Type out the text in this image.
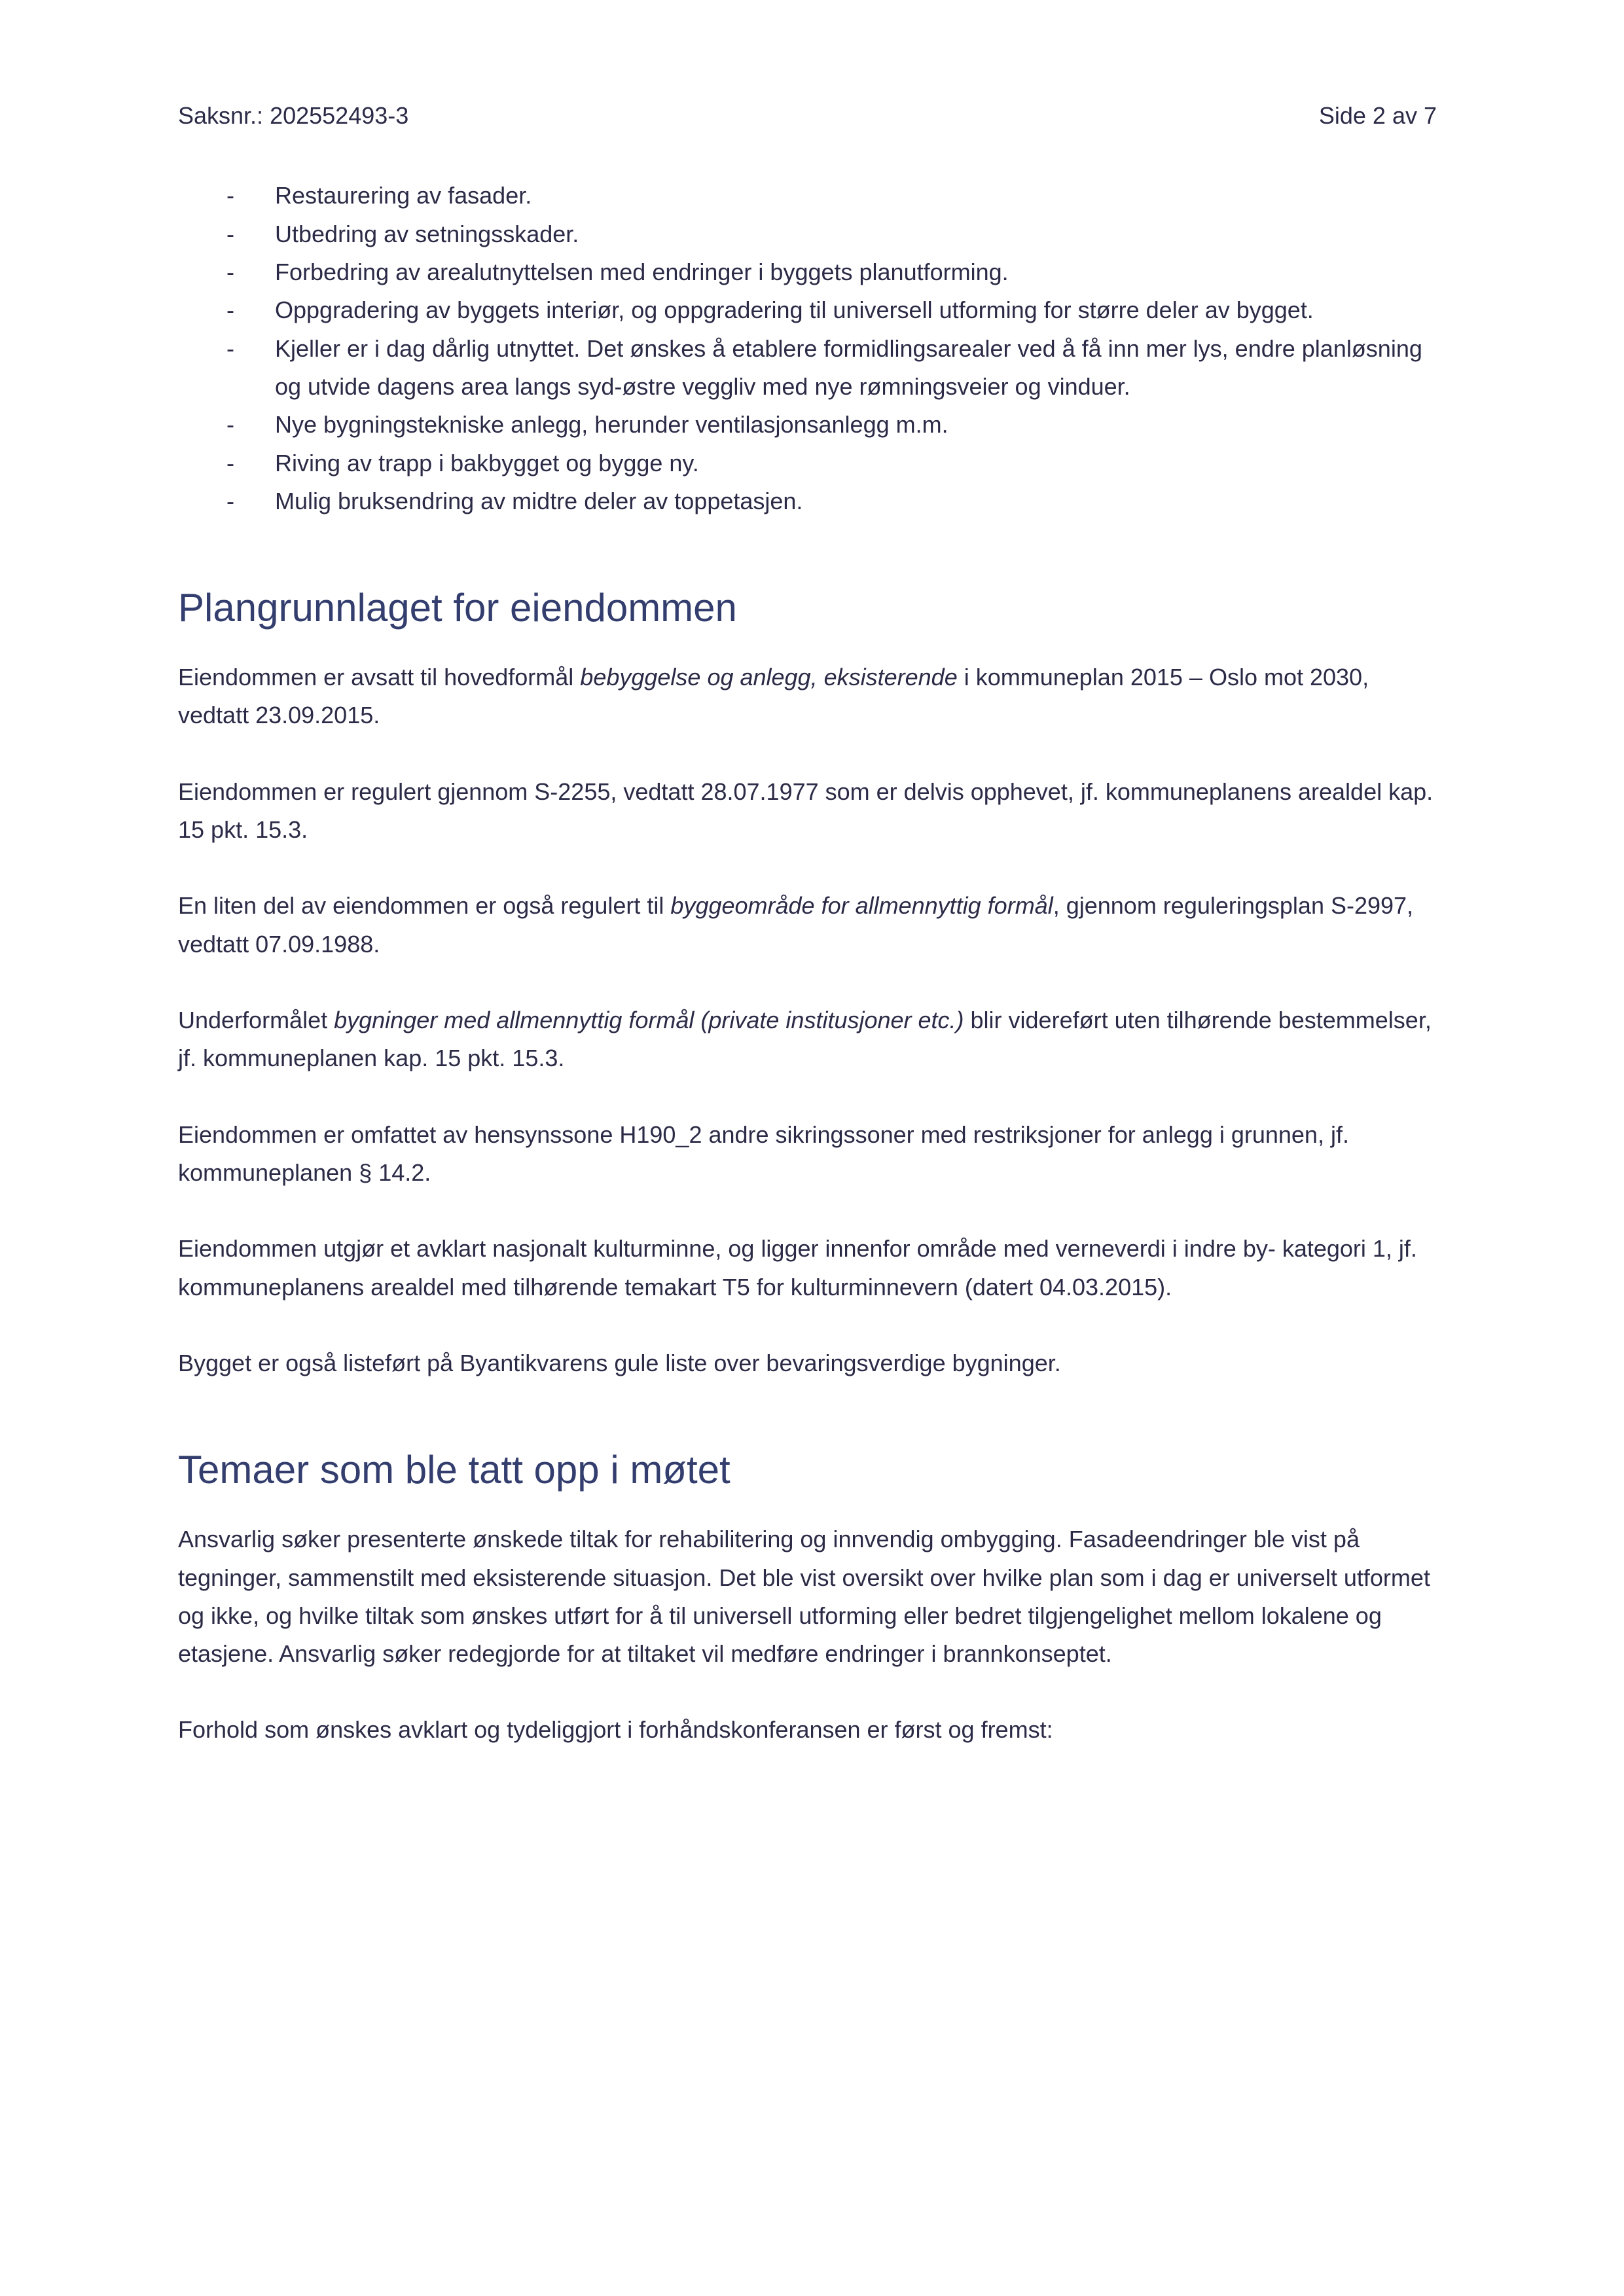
Saksnr.: 202552493-3	Side 2 av 7
- Restaurering av fasader.
- Utbedring av setningsskader.
- Forbedring av arealutnyttelsen med endringer i byggets planutforming.
- Oppgradering av byggets interiør, og oppgradering til universell utforming for større deler av bygget.
- Kjeller er i dag dårlig utnyttet. Det ønskes å etablere formidlingsarealer ved å få inn mer lys, endre planløsning og utvide dagens area langs syd-østre veggliv med nye rømningsveier og vinduer.
- Nye bygningstekniske anlegg, herunder ventilasjonsanlegg m.m.
- Riving av trapp i bakbygget og bygge ny.
- Mulig bruksendring av midtre deler av toppetasjen.
Plangrunnlaget for eiendommen

Eiendommen er avsatt til hovedformål bebyggelse og anlegg, eksisterende i kommuneplan 2015 – Oslo mot 2030, vedtatt 23.09.2015.

Eiendommen er regulert gjennom S-2255, vedtatt 28.07.1977 som er delvis opphevet, jf. kommuneplanens arealdel kap. 15 pkt. 15.3.

En liten del av eiendommen er også regulert til byggeområde for allmennyttig formål, gjennom reguleringsplan S-2997, vedtatt 07.09.1988.

Underformålet bygninger med allmennyttig formål (private institusjoner etc.) blir videreført uten tilhørende bestemmelser, jf. kommuneplanen kap. 15 pkt. 15.3.

Eiendommen er omfattet av hensynssone H190_2 andre sikringssoner med restriksjoner for anlegg i grunnen, jf. kommuneplanen § 14.2.

Eiendommen utgjør et avklart nasjonalt kulturminne, og ligger innenfor område med verneverdi i indre by- kategori 1, jf. kommuneplanens arealdel med tilhørende temakart T5 for kulturminnevern (datert 04.03.2015).

Bygget er også listeført på Byantikvarens gule liste over bevaringsverdige bygninger.

Temaer som ble tatt opp i møtet

Ansvarlig søker presenterte ønskede tiltak for rehabilitering og innvendig ombygging. Fasadeendringer ble vist på tegninger, sammenstilt med eksisterende situasjon. Det ble vist oversikt over hvilke plan som i dag er universelt utformet og ikke, og hvilke tiltak som ønskes utført for å til universell utforming eller bedret tilgjengelighet mellom lokalene og etasjene. Ansvarlig søker redegjorde for at tiltaket vil medføre endringer i brannkonseptet.

Forhold som ønskes avklart og tydeliggjort i forhåndskonferansen er først og fremst:
